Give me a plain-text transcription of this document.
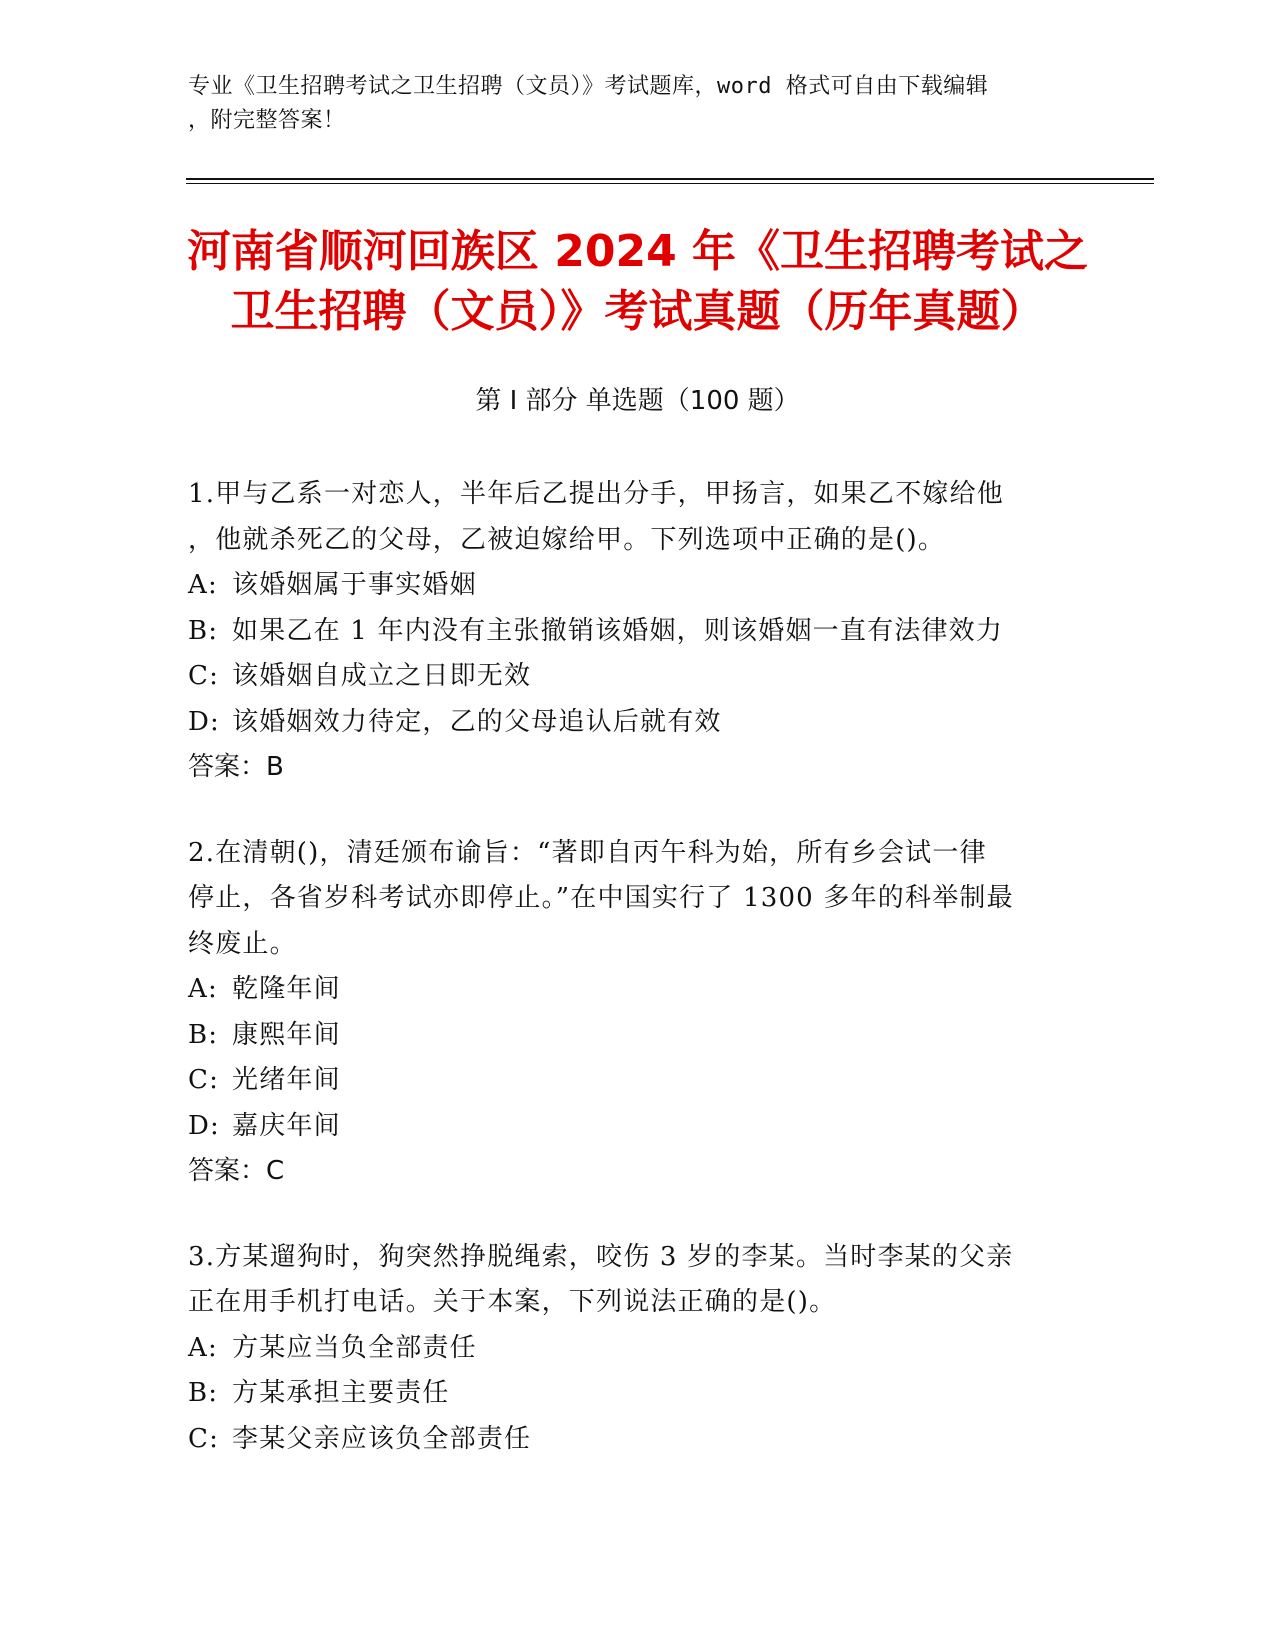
专业《卫生招聘考试之卫生招聘（文员）》考试题库，word 格式可自由下载编辑
，附完整答案！
河南省顺河回族区 2024 年《卫生招聘考试之
卫生招聘（文员）》考试真题（历年真题）
第 I 部分 单选题（100 题）

1.甲与乙系一对恋人，半年后乙提出分手，甲扬言，如果乙不嫁给他

，他就杀死乙的父母，乙被迫嫁给甲。下列选项中正确的是()。

A: 该婚姻属于事实婚姻
B: 如果乙在 1 年内没有主张撤销该婚姻，则该婚姻一直有法律效力
C: 该婚姻自成立之日即无效
D: 该婚姻效力待定，乙的父母追认后就有效
答案：B

2.在清朝()，清廷颁布谕旨：“著即自丙午科为始，所有乡会试一律

停止，各省岁科考试亦即停止。”在中国实行了 1300 多年的科举制最

终废止。

A: 乾隆年间
B: 康熙年间
C: 光绪年间
D: 嘉庆年间
答案：C

3.方某遛狗时，狗突然挣脱绳索，咬伤 3 岁的李某。当时李某的父亲

正在用手机打电话。关于本案，下列说法正确的是()。

A: 方某应当负全部责任
B: 方某承担主要责任
C: 李某父亲应该负全部责任
